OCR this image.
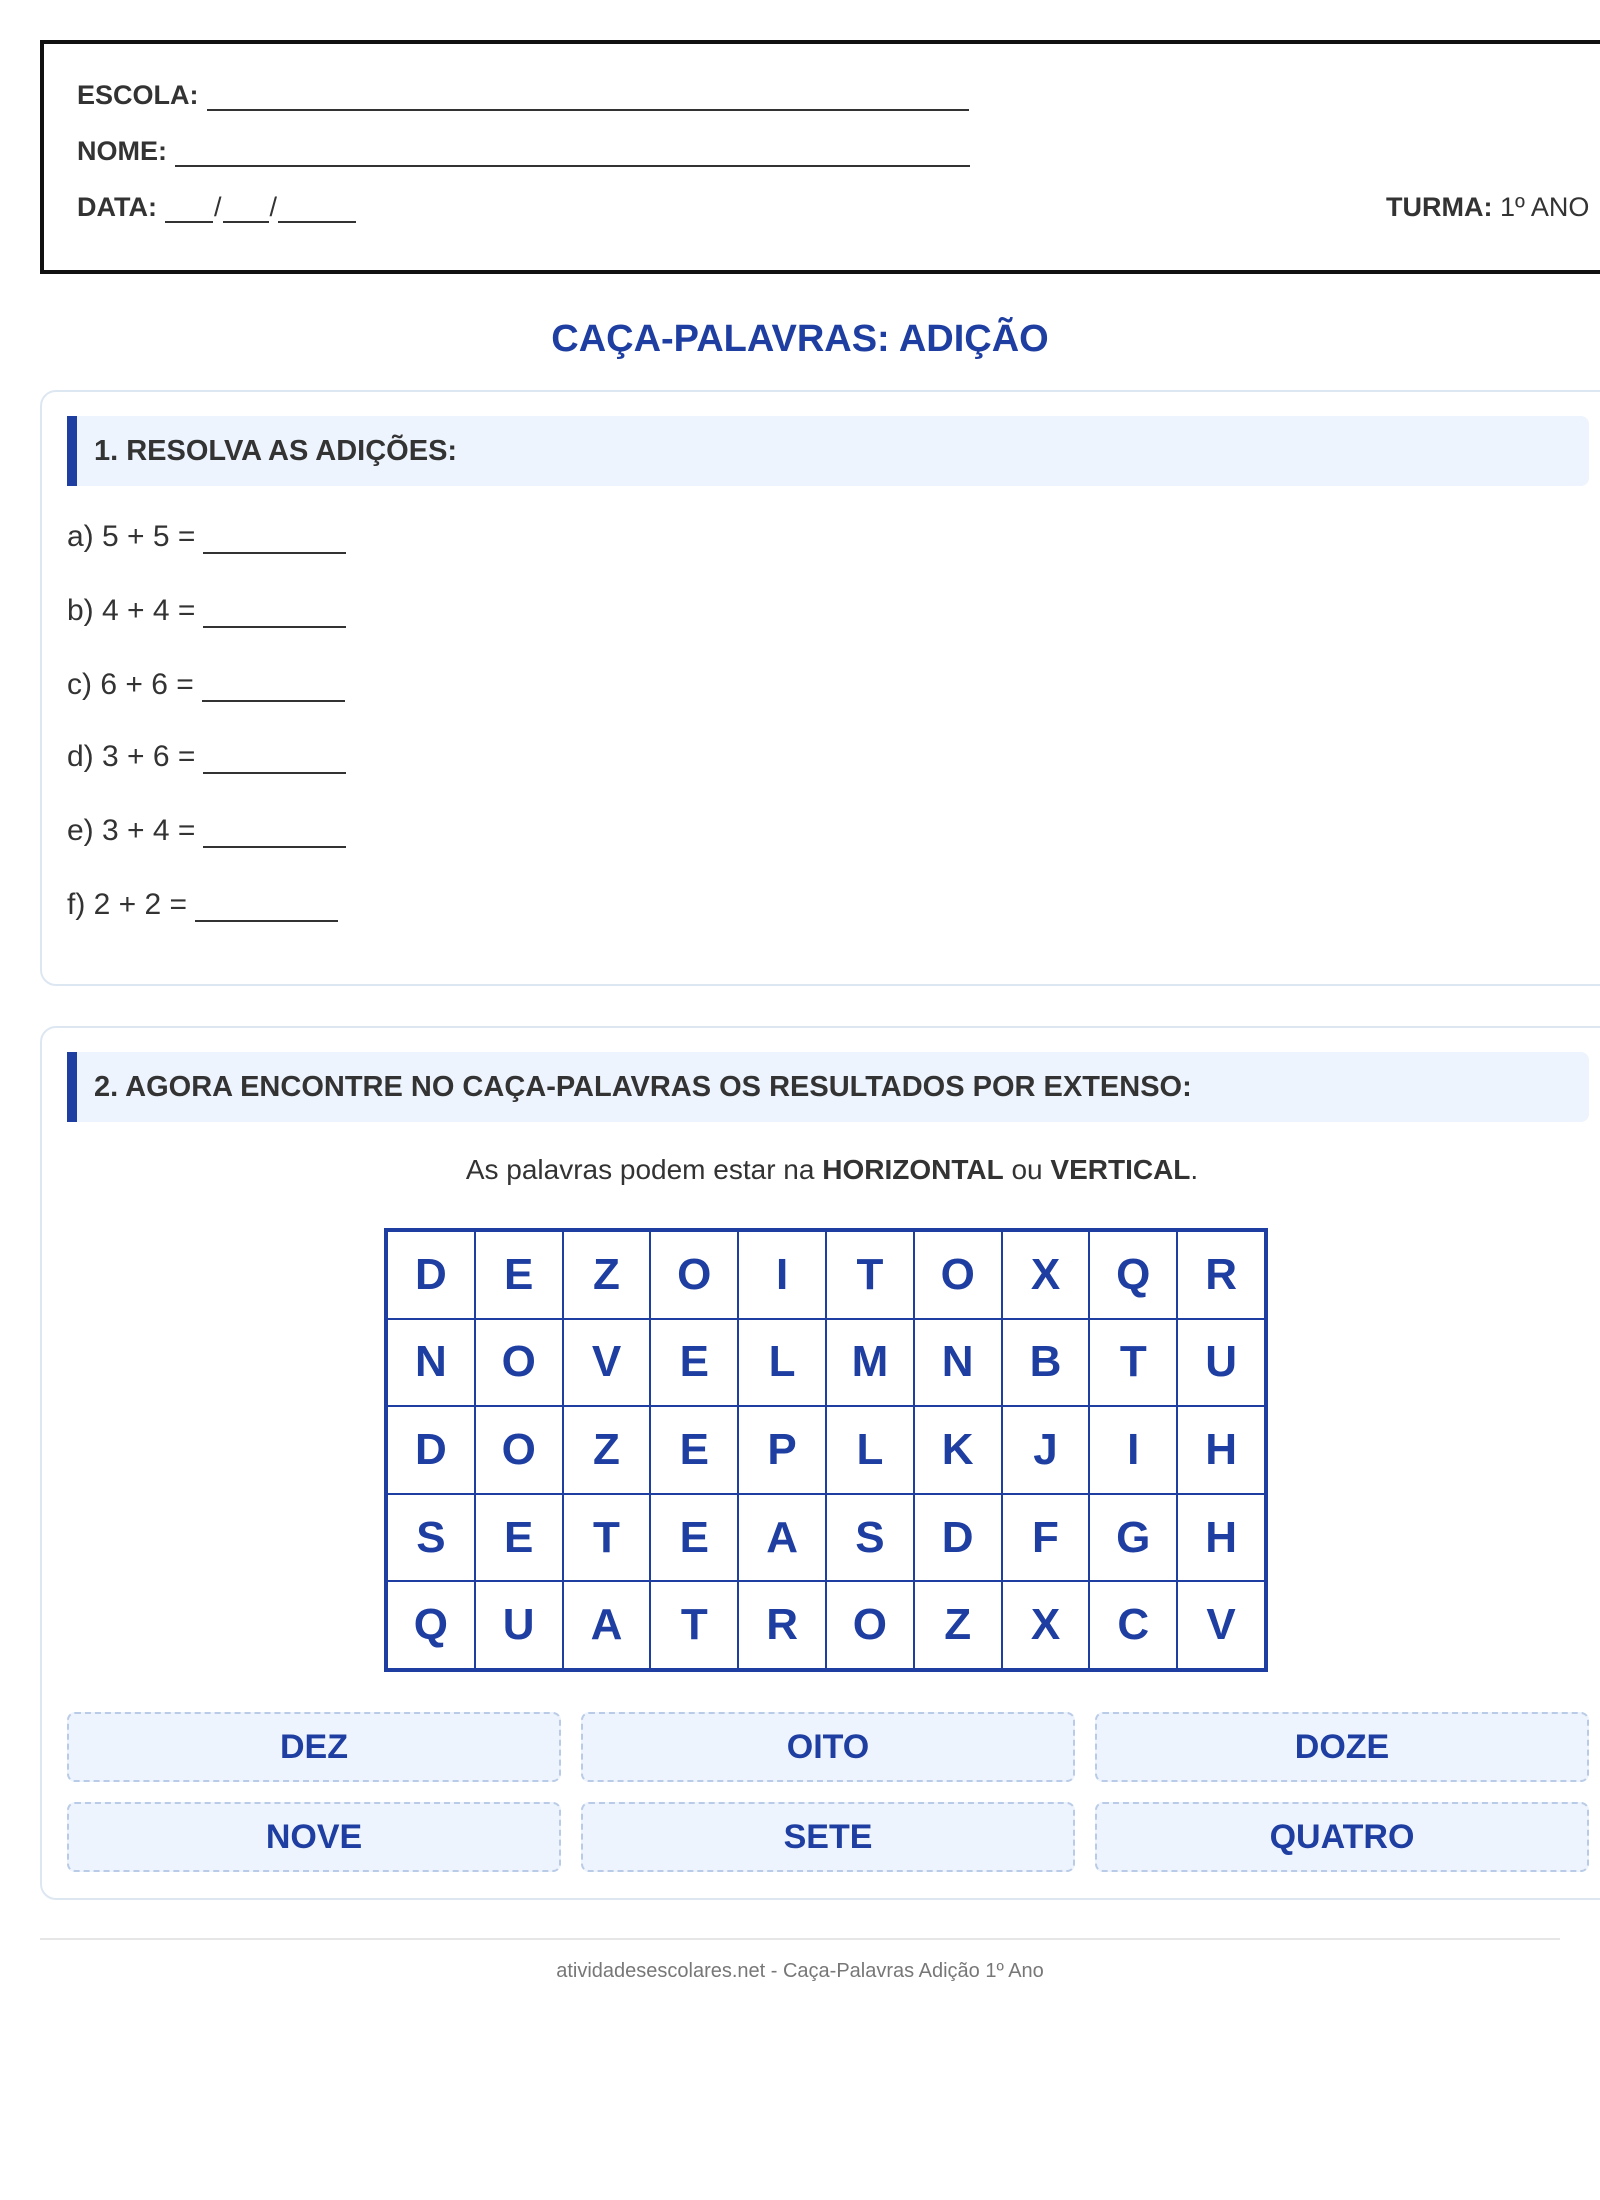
ESCOLA:
NOME:
DATA: / /	TURMA: 1º ANO
CAÇA-PALAVRAS: ADIÇÃO
1. RESOLVA AS ADIÇÕES:
a) 5 + 5 =
b) 4 + 4 =
c) 6 + 6 =
d) 3 + 6 =
e) 3 + 4 =
f) 2 + 2 =
2. AGORA ENCONTRE NO CAÇA-PALAVRAS OS RESULTADOS POR EXTENSO:
As palavras podem estar na HORIZONTAL ou VERTICAL.
D	E	Z	O	I	T	O	X	Q	R
N	O	V	E	L	M	N	B	T	U
D	O	Z	E	P	L	K	J	I	H
S	E	T	E	A	S	D	F	G	H
Q	U	A	T	R	O	Z	X	C	V
DEZ	OITO	DOZE
NOVE	SETE	QUATRO
atividadesescolares.net - Caça-Palavras Adição 1º Ano
